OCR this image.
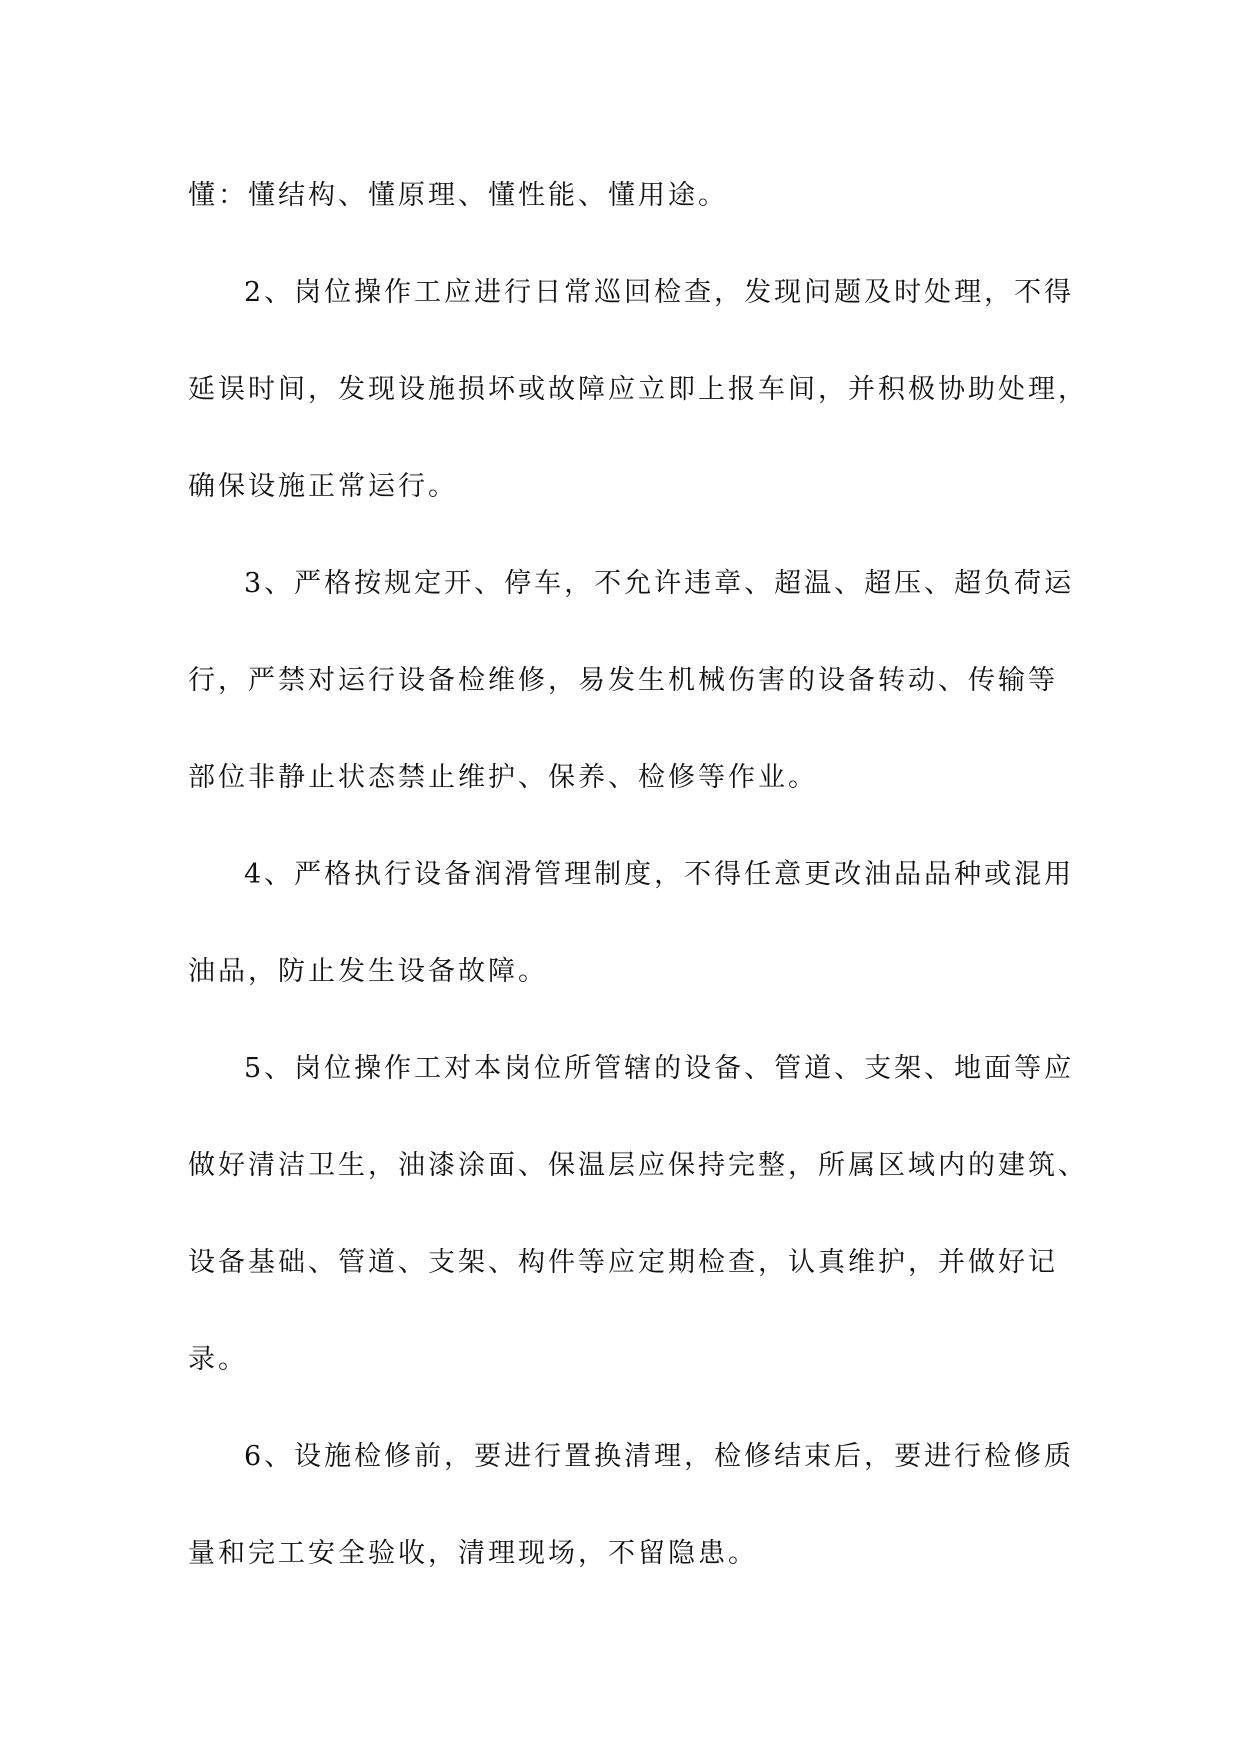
懂：懂结构、懂原理、懂性能、懂用途。

2、岗位操作工应进行日常巡回检查，发现问题及时处理，不得

延误时间，发现设施损坏或故障应立即上报车间，并积极协助处理，

确保设施正常运行。

3、严格按规定开、停车，不允许违章、超温、超压、超负荷运

行，严禁对运行设备检维修，易发生机械伤害的设备转动、传输等

部位非静止状态禁止维护、保养、检修等作业。

4、严格执行设备润滑管理制度，不得任意更改油品品种或混用

油品，防止发生设备故障。

5、岗位操作工对本岗位所管辖的设备、管道、支架、地面等应

做好清洁卫生，油漆涂面、保温层应保持完整，所属区域内的建筑、

设备基础、管道、支架、构件等应定期检查，认真维护，并做好记

录。

6、设施检修前，要进行置换清理，检修结束后，要进行检修质

量和完工安全验收，清理现场，不留隐患。
